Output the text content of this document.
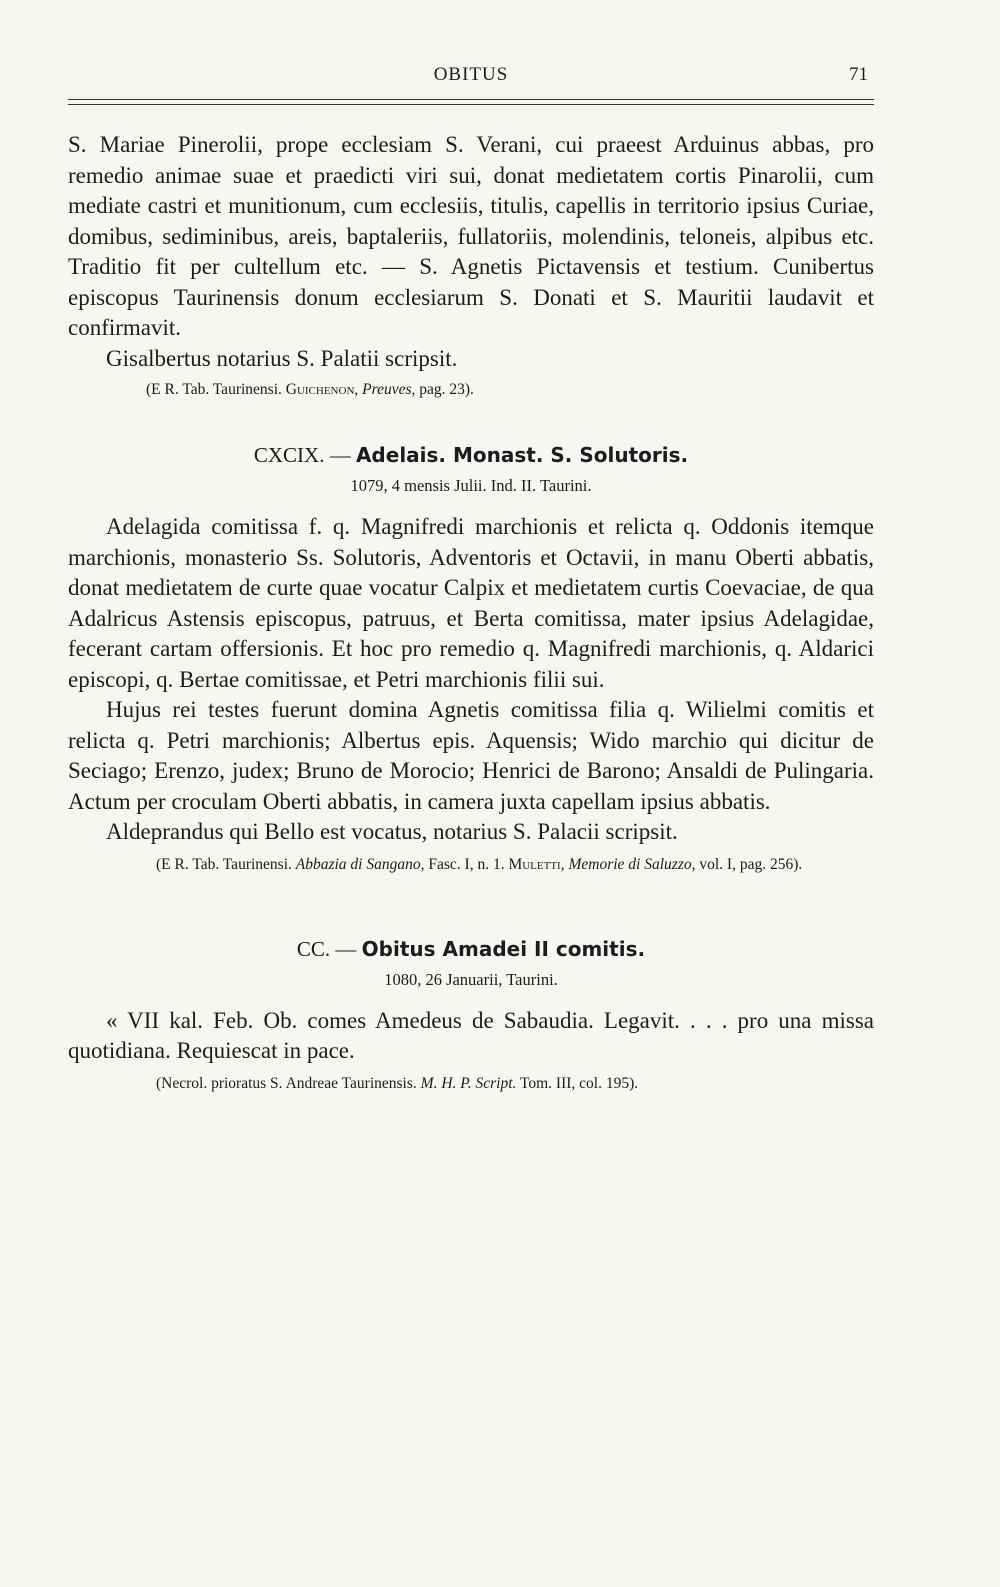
OBITUS	71

S. Mariae Pinerolii, prope ecclesiam S. Verani, cui praeest Arduinus abbas, pro remedio animae suae et praedicti viri sui, donat medietatem cortis Pinarolii, cum mediate castri et munitionum, cum ecclesiis, titulis, capellis in territorio ipsius Curiae, domibus, sediminibus, areis, baptaleriis, fullatoriis, molendinis, teloneis, alpibus etc. Traditio fit per cultellum etc. — S. Agnetis Pictavensis et testium. Cunibertus episcopus Taurinensis donum ecclesiarum S. Donati et S. Mauritii laudavit et confirmavit.

Gisalbertus notarius S. Palatii scripsit.

(E R. Tab. Taurinensi. Guichenon, Preuves, pag. 23).

CXCIX. — Adelais. Monast. S. Solutoris.

1079, 4 mensis Julii. Ind. II. Taurini.

Adelagida comitissa f. q. Magnifredi marchionis et relicta q. Oddonis itemque marchionis, monasterio Ss. Solutoris, Adventoris et Octavii, in manu Oberti abbatis, donat medietatem de curte quae vocatur Calpix et medietatem curtis Coevaciae, de qua Adalricus Astensis episcopus, patruus, et Berta comitissa, mater ipsius Adelagidae, fecerant cartam offersionis. Et hoc pro remedio q. Magnifredi marchionis, q. Aldarici episcopi, q. Bertae comitissae, et Petri marchionis filii sui.

Hujus rei testes fuerunt domina Agnetis comitissa filia q. Wilielmi comitis et relicta q. Petri marchionis; Albertus epis. Aquensis; Wido marchio qui dicitur de Seciago; Erenzo, judex; Bruno de Morocio; Henrici de Barono; Ansaldi de Pulingaria. Actum per croculam Oberti abbatis, in camera juxta capellam ipsius abbatis.

Aldeprandus qui Bello est vocatus, notarius S. Palacii scripsit.

(E R. Tab. Taurinensi. Abbazia di Sangano, Fasc. I, n. 1. Muletti, Memorie di Saluzzo, vol. I, pag. 256).

CC. — Obitus Amadei II comitis.

1080, 26 Januarii, Taurini.

« VII kal. Feb. Ob. comes Amedeus de Sabaudia. Legavit. . . . pro una missa quotidiana. Requiescat in pace.

(Necrol. prioratus S. Andreae Taurinensis. M. H. P. Script. Tom. III, col. 195).
